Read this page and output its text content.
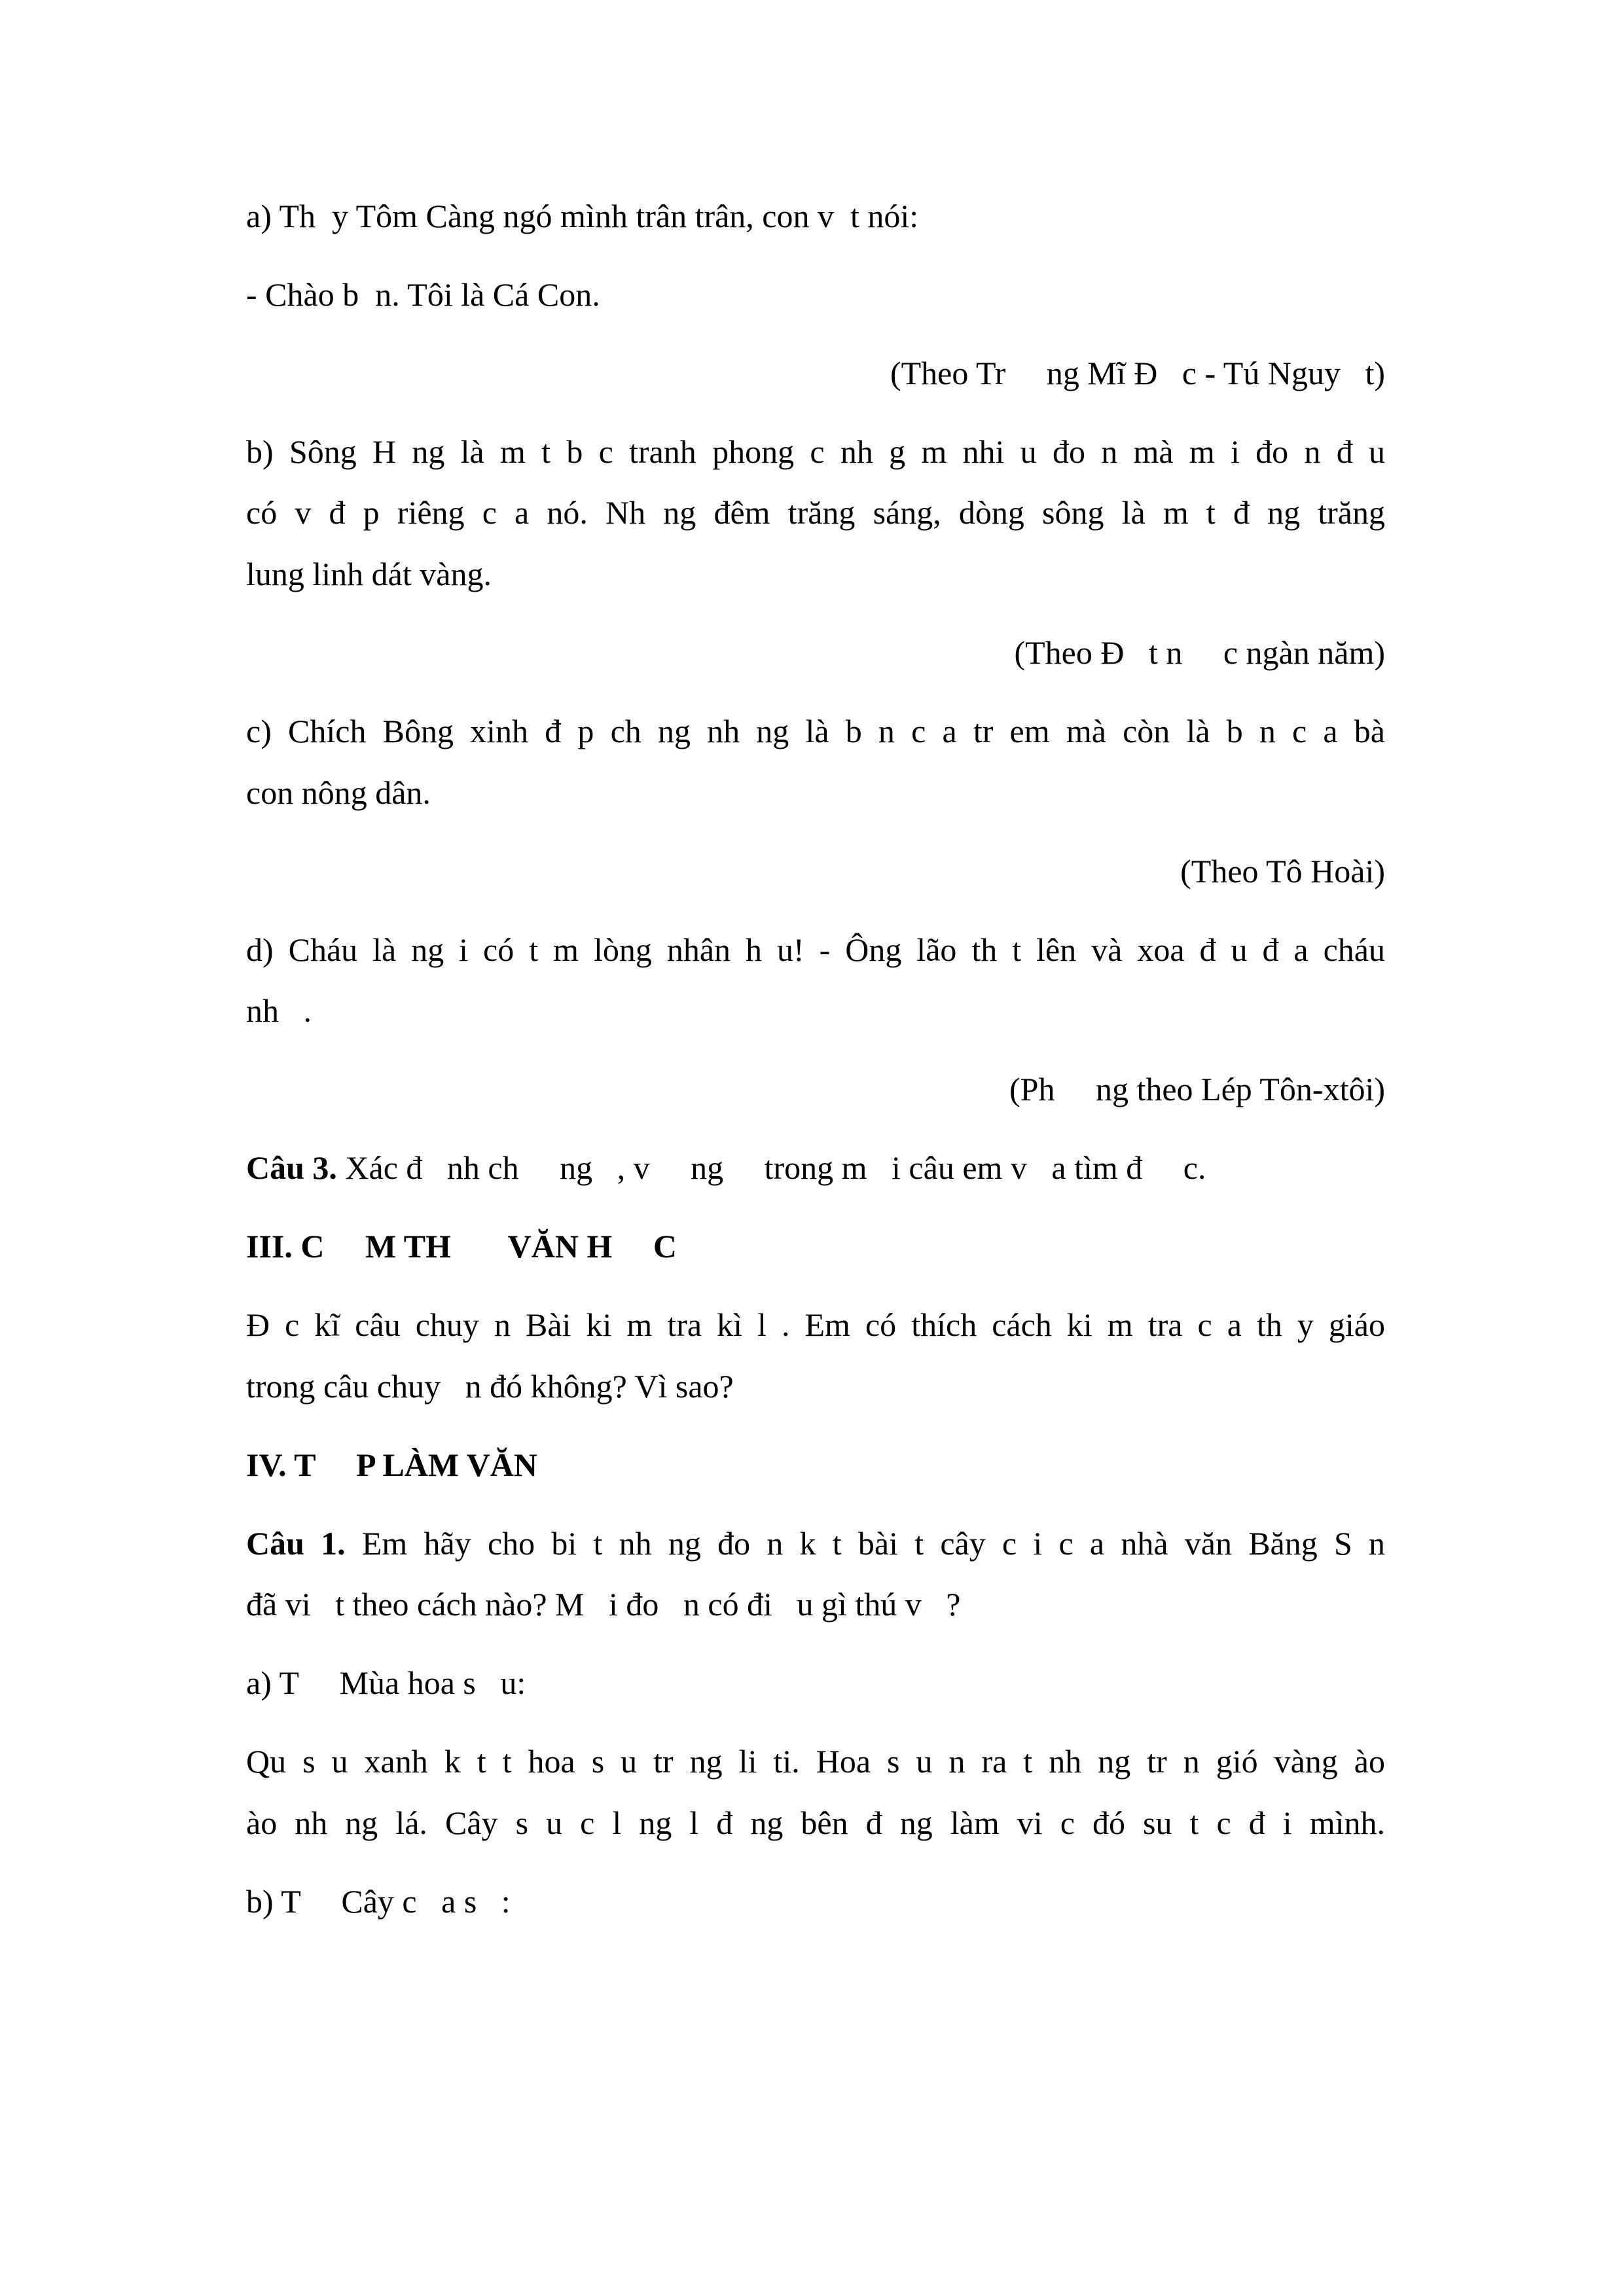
a) Th  y Tôm Càng ngó mình trân trân, con v  t nói:

- Chào b  n. Tôi là Cá Con.

(Theo Tr     ng Mĩ Đ   c - Tú Nguy   t)

b) Sông H ng là m t b c tranh phong c nh g m nhi u đo n mà m i đo n đ u

có v đ p riêng c a nó. Nh ng đêm trăng sáng, dòng sông là m t đ ng trăng

lung linh dát vàng.

(Theo Đ   t n     c ngàn năm)

c) Chích Bông xinh đ p ch ng nh ng là b n c a tr em mà còn là b n c a bà

con nông dân.

(Theo Tô Hoài)

d) Cháu là ng i có t m lòng nhân h u! - Ông lão th t lên và xoa đ u đ a cháu

nh   .

(Ph     ng theo Lép Tôn-xtôi)

Câu 3. Xác đ   nh ch     ng   , v     ng     trong m   i câu em v   a tìm đ     c.

III. C     M TH       VĂN H     C

Đ c kĩ câu chuy n Bài ki m tra kì l . Em có thích cách ki m tra c a th y giáo

trong câu chuy   n đó không? Vì sao?

IV. T     P LÀM VĂN

Câu 1. Em hãy cho bi t nh ng đo n k t bài t cây c i c a nhà văn Băng S n

đã vi   t theo cách nào? M   i đo   n có đi   u gì thú v   ?

a) T     Mùa hoa s   u:

Qu s u xanh k t t hoa s u tr ng li ti. Hoa s u n ra t nh ng tr n gió vàng ào

ào nh ng lá. Cây s u c l ng l đ ng bên đ ng làm vi c đó su t c đ i mình.

b) T     Cây c   a s   :
